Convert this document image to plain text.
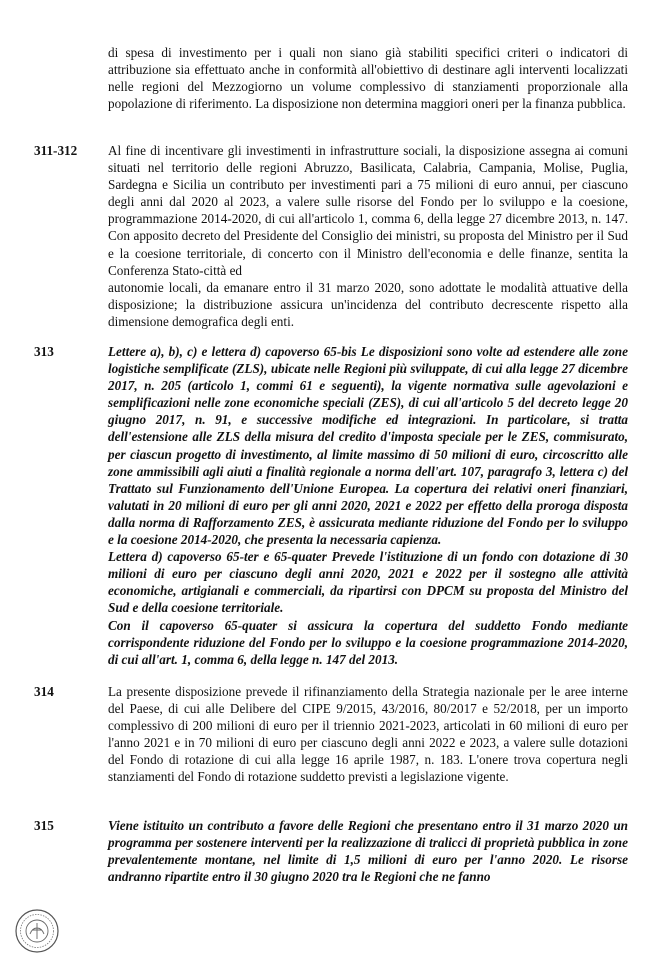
di spesa di investimento per i quali non siano già stabiliti specifici criteri o indicatori di attribuzione sia effettuato anche in conformità all'obiettivo di destinare agli interventi localizzati nelle regioni del Mezzogiorno un volume complessivo di stanziamenti proporzionale alla popolazione di riferimento. La disposizione non determina maggiori oneri per la finanza pubblica.
311-312	Al fine di incentivare gli investimenti in infrastrutture sociali, la disposizione assegna ai comuni situati nel territorio delle regioni Abruzzo, Basilicata, Calabria, Campania, Molise, Puglia, Sardegna e Sicilia un contributo per investimenti pari a 75 milioni di euro annui, per ciascuno degli anni dal 2020 al 2023, a valere sulle risorse del Fondo per lo sviluppo e la coesione, programmazione 2014-2020, di cui all'articolo 1, comma 6, della legge 27 dicembre 2013, n. 147. Con apposito decreto del Presidente del Consiglio dei ministri, su proposta del Ministro per il Sud e la coesione territoriale, di concerto con il Ministro dell'economia e delle finanze, sentita la Conferenza Stato-città ed

autonomie locali, da emanare entro il 31 marzo 2020, sono adottate le modalità attuative della disposizione; la distribuzione assicura un'incidenza del contributo decrescente rispetto alla dimensione demografica degli enti.

313	Lettere a), b), c) e lettera d) capoverso 65-bis Le disposizioni sono volte ad estendere alle zone logistiche semplificate (ZLS), ubicate nelle Regioni più sviluppate, di cui alla legge 27 dicembre 2017, n. 205 (articolo 1, commi 61 e seguenti), la vigente normativa sulle agevolazioni e semplificazioni nelle zone economiche speciali (ZES), di cui all'articolo 5 del decreto legge 20 giugno 2017, n. 91, e successive modifiche ed integrazioni. In particolare, si tratta dell'estensione alle ZLS della misura del credito d'imposta speciale per le ZES, commisurato, per ciascun progetto di investimento, al limite massimo di 50 milioni di euro, circoscritto alle zone ammissibili agli aiuti a finalità regionale a norma dell'art. 107, paragrafo 3, lettera c) del Trattato sul Funzionamento dell'Unione Europea. La copertura dei relativi oneri finanziari, valutati in 20 milioni di euro per gli anni 2020, 2021 e 2022 per effetto della proroga disposta dalla norma di Rafforzamento ZES, è assicurata mediante riduzione del Fondo per lo sviluppo e la coesione 2014-2020, che presenta la necessaria capienza.

Lettera d) capoverso 65-ter e 65-quater Prevede l'istituzione di un fondo con dotazione di 30 milioni di euro per ciascuno degli anni 2020, 2021 e 2022 per il sostegno alle attività economiche, artigianali e commerciali, da ripartirsi con DPCM su proposta del Ministro del Sud e della coesione territoriale.

Con il capoverso 65-quater si assicura la copertura del suddetto Fondo mediante corrispondente riduzione del Fondo per lo sviluppo e la coesione programmazione 2014-2020, di cui all'art. 1, comma 6, della legge n. 147 del 2013.

314	La presente disposizione prevede il rifinanziamento della Strategia nazionale per le aree interne del Paese, di cui alle Delibere del CIPE 9/2015, 43/2016, 80/2017 e 52/2018, per un importo complessivo di 200 milioni di euro per il triennio 2021-2023, articolati in 60 milioni di euro per l'anno 2021 e in 70 milioni di euro per ciascuno degli anni 2022 e 2023, a valere sulle dotazioni del Fondo di rotazione di cui alla legge 16 aprile 1987, n. 183. L'onere trova copertura negli stanziamenti del Fondo di rotazione suddetto previsti a legislazione vigente.

315	Viene istituito un contributo a favore delle Regioni che presentano entro il 31 marzo 2020 un programma per sostenere interventi per la realizzazione di tralicci di proprietà pubblica in zone prevalentemente montane, nel limite di 1,5 milioni di euro per l'anno 2020. Le risorse andranno ripartite entro il 30 giugno 2020 tra le Regioni che ne fanno
